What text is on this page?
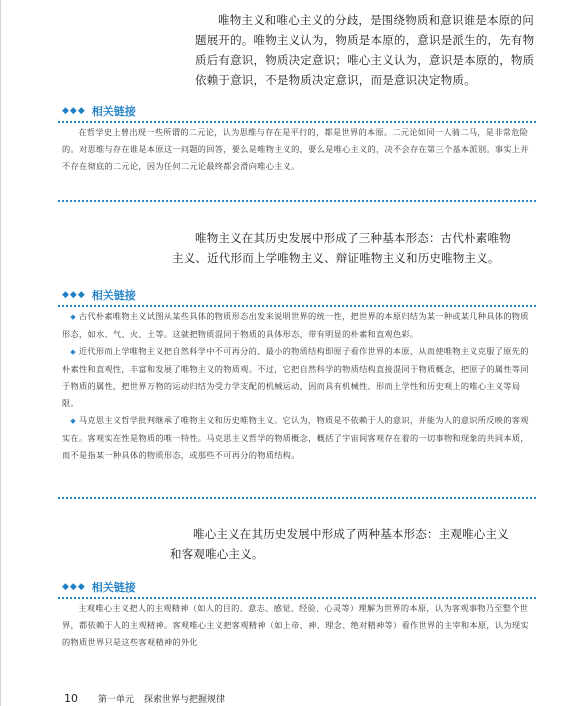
唯物主义和唯心主义的分歧，是围绕物质和意识谁是本原的问题展开的。唯物主义认为，物质是本原的，意识是派生的，先有物质后有意识，物质决定意识；唯心主义认为，意识是本原的，物质依赖于意识，不是物质决定意识，而是意识决定物质。

◆◆◆ 相关链接

在哲学史上曾出现一些所谓的二元论，认为思维与存在是平行的，都是世界的本原。二元论如同一人骑二马，是非常危险的。对思维与存在谁是本原这一问题的回答，要么是唯物主义的，要么是唯心主义的，决不会存在第三个基本派别。事实上并不存在彻底的二元论，因为任何二元论最终都会滑向唯心主义。

唯物主义在其历史发展中形成了三种基本形态：古代朴素唯物主义、近代形而上学唯物主义、辩证唯物主义和历史唯物主义。

◆◆◆ 相关链接

◆ 古代朴素唯物主义试图从某些具体的物质形态出发来说明世界的统一性，把世界的本原归结为某一种或某几种具体的物质形态，如水、气、火、土等。这就把物质混同于物质的具体形态，带有明显的朴素和直观色彩。

◆ 近代形而上学唯物主义把自然科学中不可再分的、最小的物质结构即原子看作世界的本原，从而使唯物主义克服了原先的朴素性和直观性，丰富和发展了唯物主义的物质观。不过，它把自然科学的物质结构直接混同于物质概念，把原子的属性等同于物质的属性，把世界万物的运动归结为受力学支配的机械运动，因而具有机械性、形而上学性和历史观上的唯心主义等局限。

◆ 马克思主义哲学批判继承了唯物主义和历史唯物主义。它认为，物质是不依赖于人的意识，并能为人的意识所反映的客观实在。客观实在性是物质的唯一特性。马克思主义哲学的物质概念，概括了宇宙间客观存在着的一切事物和现象的共同本质，而不是指某一种具体的物质形态，或那些不可再分的物质结构。

唯心主义在其历史发展中形成了两种基本形态：主观唯心主义和客观唯心主义。

◆◆◆ 相关链接

主观唯心主义把人的主观精神（如人的目的、意志、感觉、经验、心灵等）理解为世界的本原，认为客观事物乃至整个世界，都依赖于人的主观精神。客观唯心主义把客观精神（如上帝、神、理念、绝对精神等）看作世界的主宰和本原，认为现实的物质世界只是这些客观精神的外化

10 第一单元 探索世界与把握规律
